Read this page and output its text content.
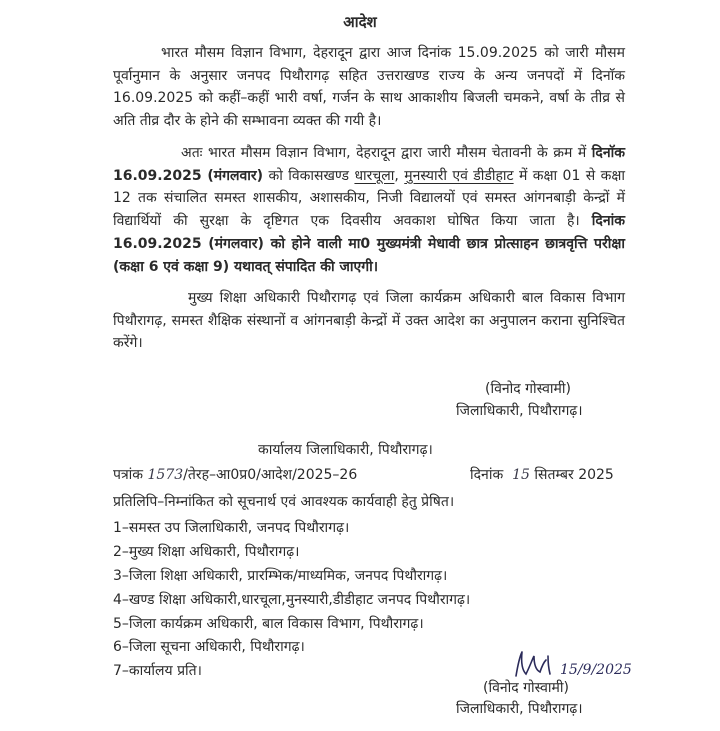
आदेश

भारत मौसम विज्ञान विभाग, देहरादून द्वारा आज दिनांक 15.09.2025 को जारी मौसम पूर्वानुमान के अनुसार जनपद पिथौरागढ़ सहित उत्तराखण्ड राज्य के अन्य जनपदों में दिनाॅक 16.09.2025 को कहीं–कहीं भारी वर्षा, गर्जन के साथ आकाशीय बिजली चमकने, वर्षा के तीव्र से अति तीव्र दौर के होने की सम्भावना व्यक्त की गयी है।

अतः भारत मौसम विज्ञान विभाग, देहरादून द्वारा जारी मौसम चेतावनी के क्रम में दिनाॅक 16.09.2025 (मंगलवार) को विकासखण्ड धारचूला, मुनस्यारी एवं डीडीहाट में कक्षा 01 से कक्षा 12 तक संचालित समस्त शासकीय, अशासकीय, निजी विद्यालयों एवं समस्त आंगनबाड़ी केन्द्रों में विद्यार्थियों की सुरक्षा के दृष्टिगत एक दिवसीय अवकाश घोषित किया जाता है। दिनांक 16.09.2025 (मंगलवार) को होने वाली मा0 मुख्यमंत्री मेधावी छात्र प्रोत्साहन छात्रवृत्ति परीक्षा (कक्षा 6 एवं कक्षा 9) यथावत् संपादित की जाएगी।

मुख्य शिक्षा अधिकारी पिथौरागढ़ एवं जिला कार्यक्रम अधिकारी बाल विकास विभाग पिथौरागढ़, समस्त शैक्षिक संस्थानों व आंगनबाड़ी केन्द्रों में उक्त आदेश का अनुपालन कराना सुनिश्चित करेंगे।

(विनोद गोस्वामी)
जिलाधिकारी, पिथौरागढ़।
कार्यालय जिलाधिकारी, पिथौरागढ़।
पत्रांक 1573/तेरह–आ0प्र0/आदेश/2025–26	दिनांक 15 सितम्बर 2025
प्रतिलिपि–निम्नांकित को सूचनार्थ एवं आवश्यक कार्यवाही हेतु प्रेषित।
1–समस्त उप जिलाधिकारी, जनपद पिथौरागढ़।
2–मुख्य शिक्षा अधिकारी, पिथौरागढ़।
3–जिला शिक्षा अधिकारी, प्रारम्भिक/माध्यमिक, जनपद पिथौरागढ़।
4–खण्ड शिक्षा अधिकारी,धारचूला,मुनस्यारी,डीडीहाट जनपद पिथौरागढ़।
5–जिला कार्यक्रम अधिकारी, बाल विकास विभाग, पिथौरागढ़।
6–जिला सूचना अधिकारी, पिथौरागढ़।
7–कार्यालय प्रति।	15/9/2025
(विनोद गोस्वामी)
जिलाधिकारी, पिथौरागढ़।
